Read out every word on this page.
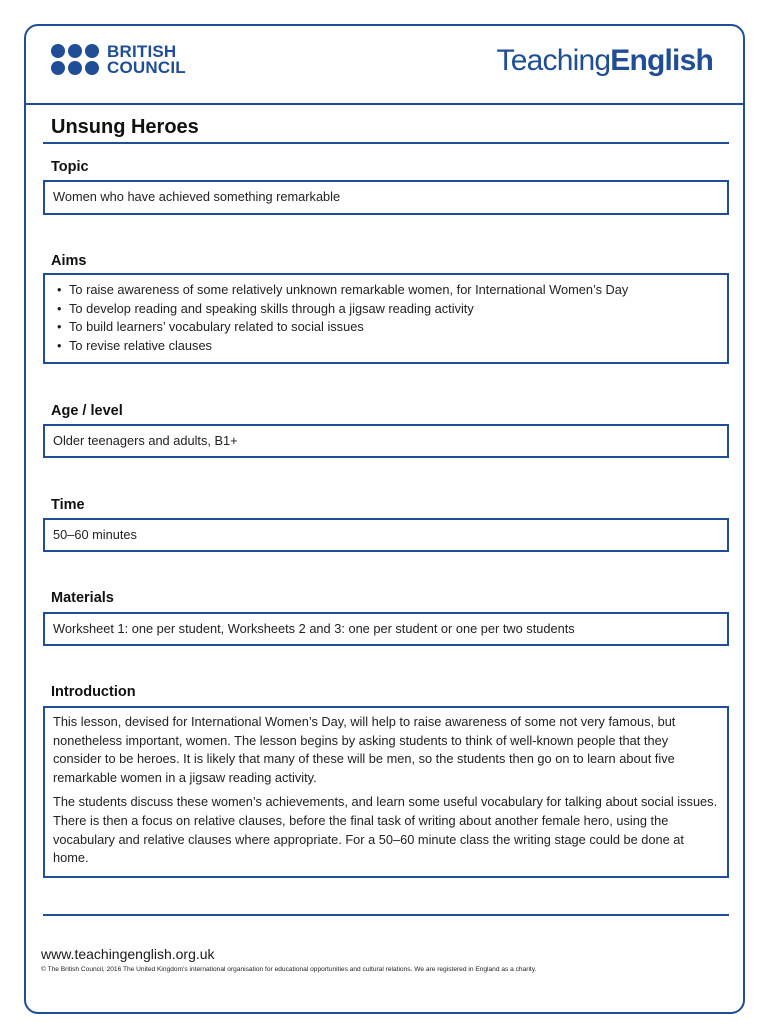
BRITISH
COUNCIL	TeachingEnglish
Unsung Heroes
Topic
Women who have achieved something remarkable
Aims
• To raise awareness of some relatively unknown remarkable women, for International Women’s Day
• To develop reading and speaking skills through a jigsaw reading activity
• To build learners’ vocabulary related to social issues
• To revise relative clauses
Age / level
Older teenagers and adults, B1+
Time
50–60 minutes
Materials
Worksheet 1: one per student, Worksheets 2 and 3: one per student or one per two students
Introduction

This lesson, devised for International Women’s Day, will help to raise awareness of some not very famous, but nonetheless important, women. The lesson begins by asking students to think of well-known people that they consider to be heroes. It is likely that many of these will be men, so the students then go on to learn about five remarkable women in a jigsaw reading activity.

The students discuss these women’s achievements, and learn some useful vocabulary for talking about social issues. There is then a focus on relative clauses, before the final task of writing about another female hero, using the vocabulary and relative clauses where appropriate. For a 50–60 minute class the writing stage could be done at home.

www.teachingenglish.org.uk
© The British Council, 2016 The United Kingdom’s international organisation for educational opportunities and cultural relations. We are registered in England as a charity.
